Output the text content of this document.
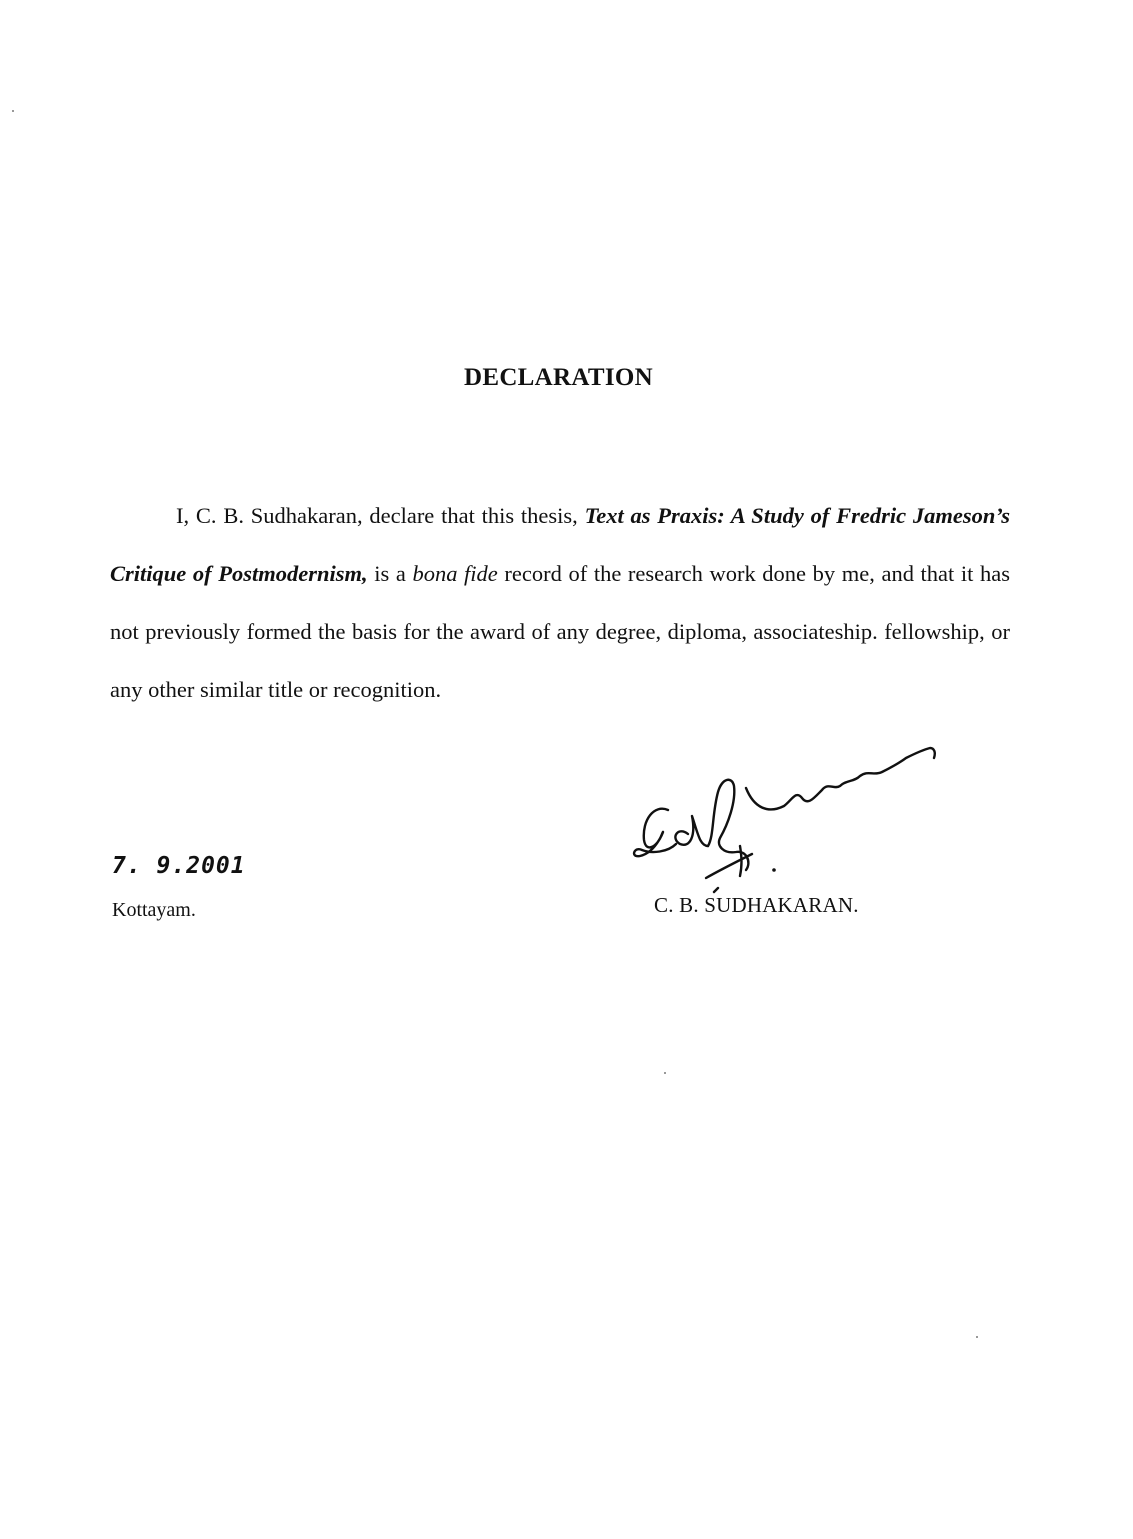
DECLARATION

I, C. B. Sudhakaran, declare that this thesis, Text as Praxis: A Study of Fredric Jameson’s Critique of Postmodernism, is a bona fide record of the research work done by me, and that it has not previously formed the basis for the award of any degree, diploma, associateship. fellowship, or any other similar title or recognition.

7. 9.2001
Kottayam.	C. B. SUDHAKARAN.
